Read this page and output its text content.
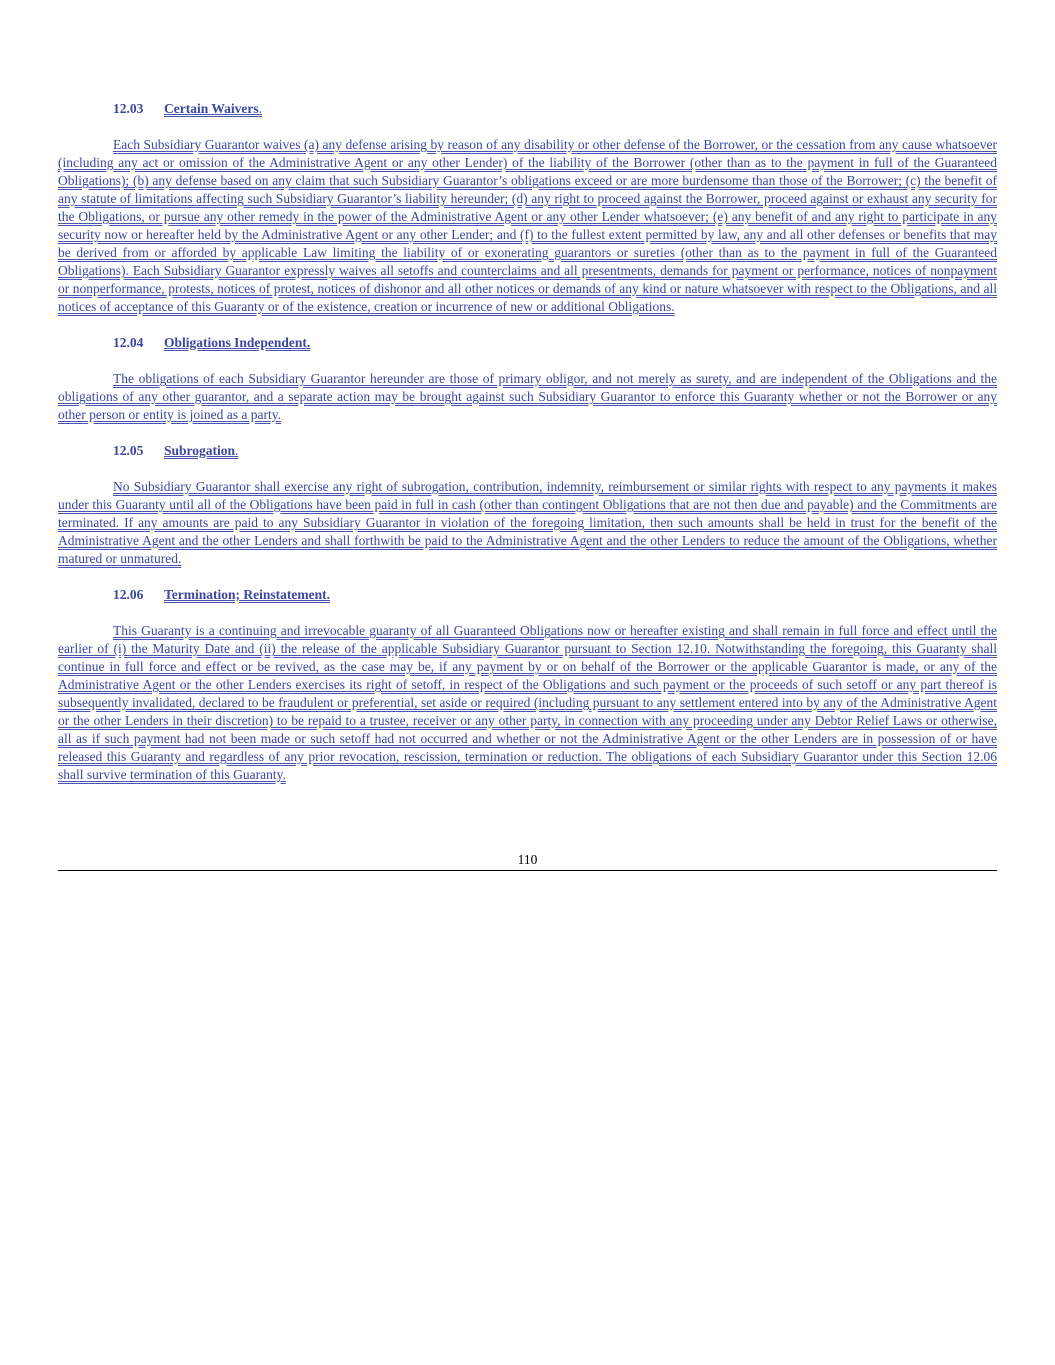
12.03 Certain Waivers.

Each Subsidiary Guarantor waives (a) any defense arising by reason of any disability or other defense of the Borrower, or the cessation from any cause whatsoever (including any act or omission of the Administrative Agent or any other Lender) of the liability of the Borrower (other than as to the payment in full of the Guaranteed Obligations); (b) any defense based on any claim that such Subsidiary Guarantor’s obligations exceed or are more burdensome than those of the Borrower; (c) the benefit of any statute of limitations affecting such Subsidiary Guarantor’s liability hereunder; (d) any right to proceed against the Borrower, proceed against or exhaust any security for the Obligations, or pursue any other remedy in the power of the Administrative Agent or any other Lender whatsoever; (e) any benefit of and any right to participate in any security now or hereafter held by the Administrative Agent or any other Lender; and (f) to the fullest extent permitted by law, any and all other defenses or benefits that may be derived from or afforded by applicable Law limiting the liability of or exonerating guarantors or sureties (other than as to the payment in full of the Guaranteed Obligations). Each Subsidiary Guarantor expressly waives all setoffs and counterclaims and all presentments, demands for payment or performance, notices of nonpayment or nonperformance, protests, notices of protest, notices of dishonor and all other notices or demands of any kind or nature whatsoever with respect to the Obligations, and all notices of acceptance of this Guaranty or of the existence, creation or incurrence of new or additional Obligations.

12.04 Obligations Independent.

The obligations of each Subsidiary Guarantor hereunder are those of primary obligor, and not merely as surety, and are independent of the Obligations and the obligations of any other guarantor, and a separate action may be brought against such Subsidiary Guarantor to enforce this Guaranty whether or not the Borrower or any other person or entity is joined as a party.

12.05 Subrogation.

No Subsidiary Guarantor shall exercise any right of subrogation, contribution, indemnity, reimbursement or similar rights with respect to any payments it makes under this Guaranty until all of the Obligations have been paid in full in cash (other than contingent Obligations that are not then due and payable) and the Commitments are terminated. If any amounts are paid to any Subsidiary Guarantor in violation of the foregoing limitation, then such amounts shall be held in trust for the benefit of the Administrative Agent and the other Lenders and shall forthwith be paid to the Administrative Agent and the other Lenders to reduce the amount of the Obligations, whether matured or unmatured.

12.06 Termination; Reinstatement.

This Guaranty is a continuing and irrevocable guaranty of all Guaranteed Obligations now or hereafter existing and shall remain in full force and effect until the earlier of (i) the Maturity Date and (ii) the release of the applicable Subsidiary Guarantor pursuant to Section 12.10. Notwithstanding the foregoing, this Guaranty shall continue in full force and effect or be revived, as the case may be, if any payment by or on behalf of the Borrower or the applicable Guarantor is made, or any of the Administrative Agent or the other Lenders exercises its right of setoff, in respect of the Obligations and such payment or the proceeds of such setoff or any part thereof is subsequently invalidated, declared to be fraudulent or preferential, set aside or required (including pursuant to any settlement entered into by any of the Administrative Agent or the other Lenders in their discretion) to be repaid to a trustee, receiver or any other party, in connection with any proceeding under any Debtor Relief Laws or otherwise, all as if such payment had not been made or such setoff had not occurred and whether or not the Administrative Agent or the other Lenders are in possession of or have released this Guaranty and regardless of any prior revocation, rescission, termination or reduction. The obligations of each Subsidiary Guarantor under this Section 12.06 shall survive termination of this Guaranty.

110
